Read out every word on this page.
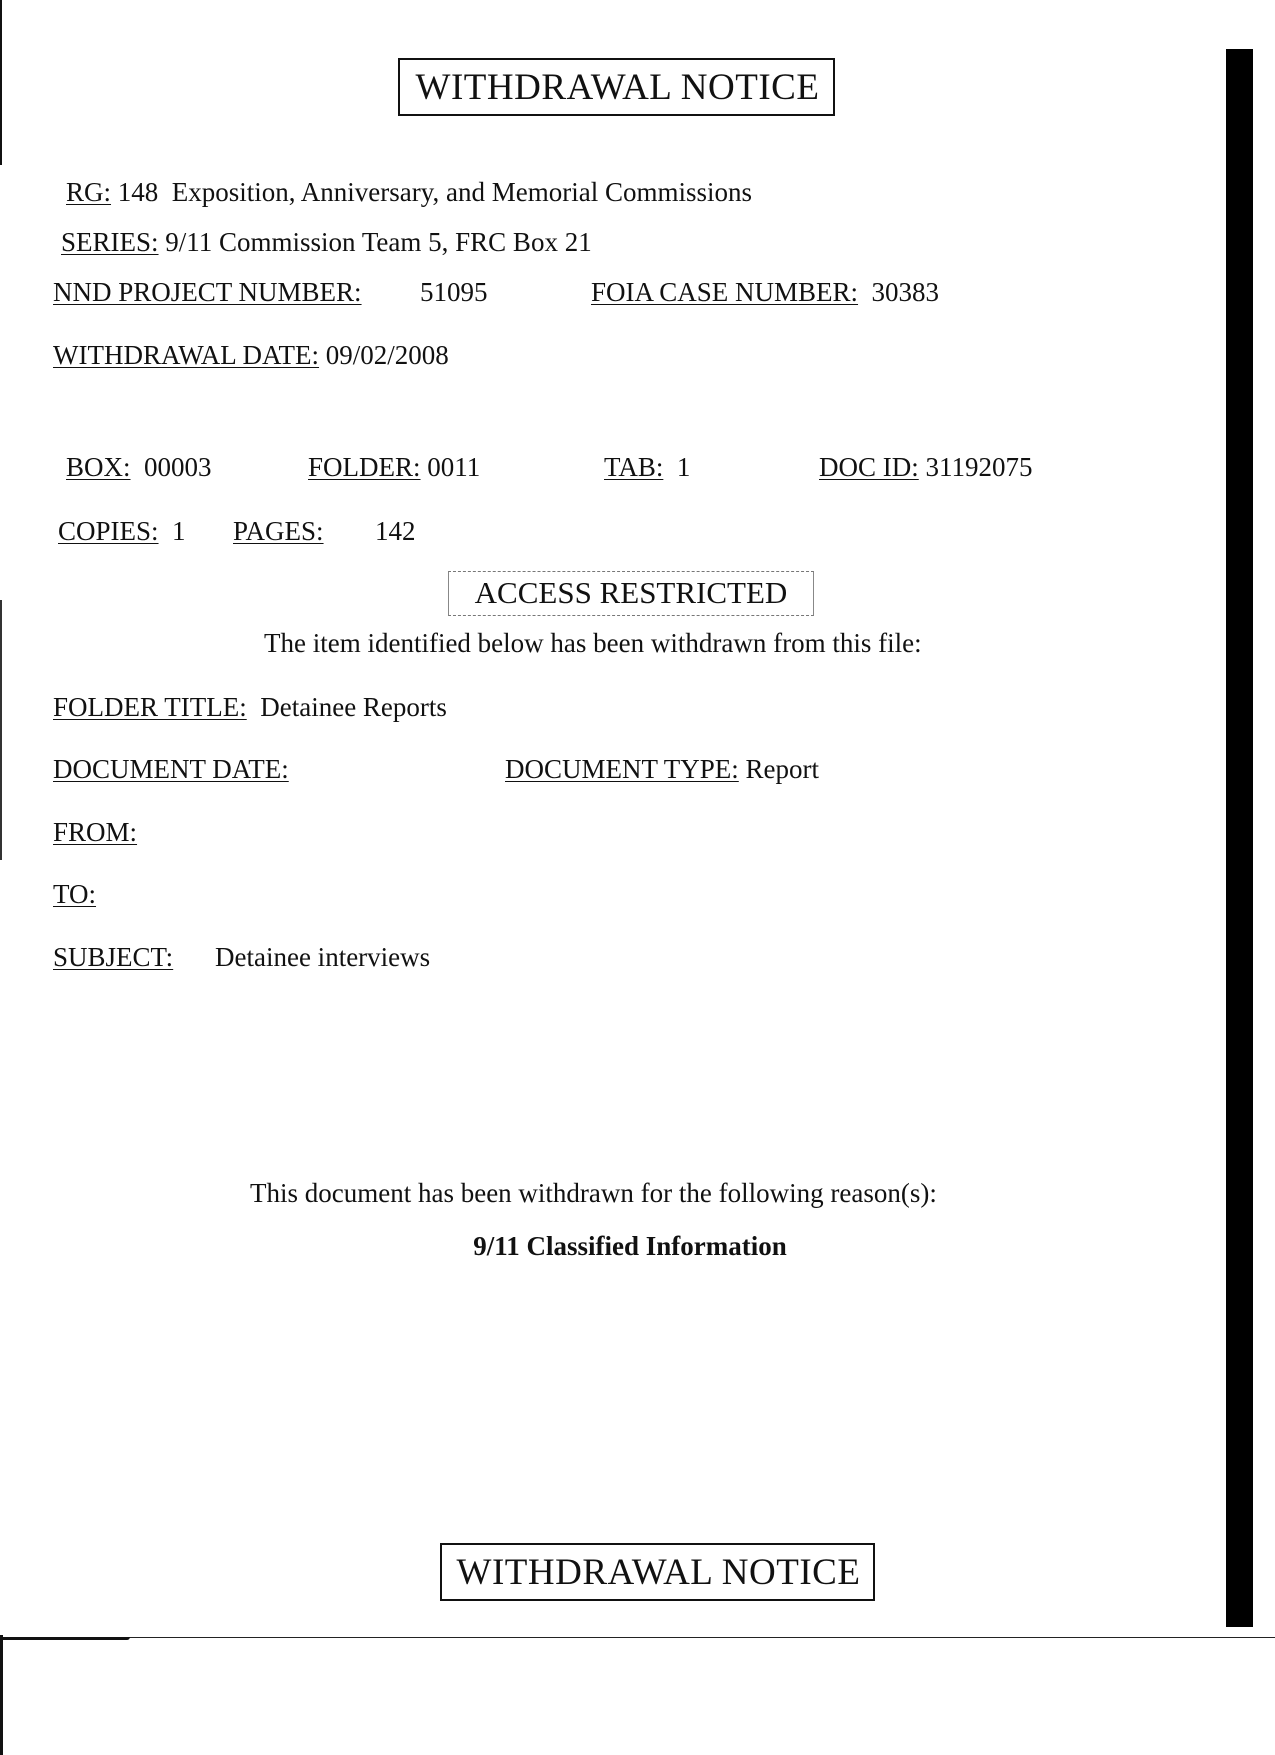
WITHDRAWAL NOTICE
RG: 148 Exposition, Anniversary, and Memorial Commissions
SERIES: 9/11 Commission Team 5, FRC Box 21
NND PROJECT NUMBER: 51095	FOIA CASE NUMBER: 30383
WITHDRAWAL DATE: 09/02/2008
BOX: 00003	FOLDER: 0011	TAB: 1	DOC ID: 31192075
COPIES: 1 PAGES: 142
ACCESS RESTRICTED
The item identified below has been withdrawn from this file:
FOLDER TITLE: Detainee Reports
DOCUMENT DATE:	DOCUMENT TYPE: Report
FROM:
TO:
SUBJECT: Detainee interviews
This document has been withdrawn for the following reason(s):
9/11 Classified Information
WITHDRAWAL NOTICE
